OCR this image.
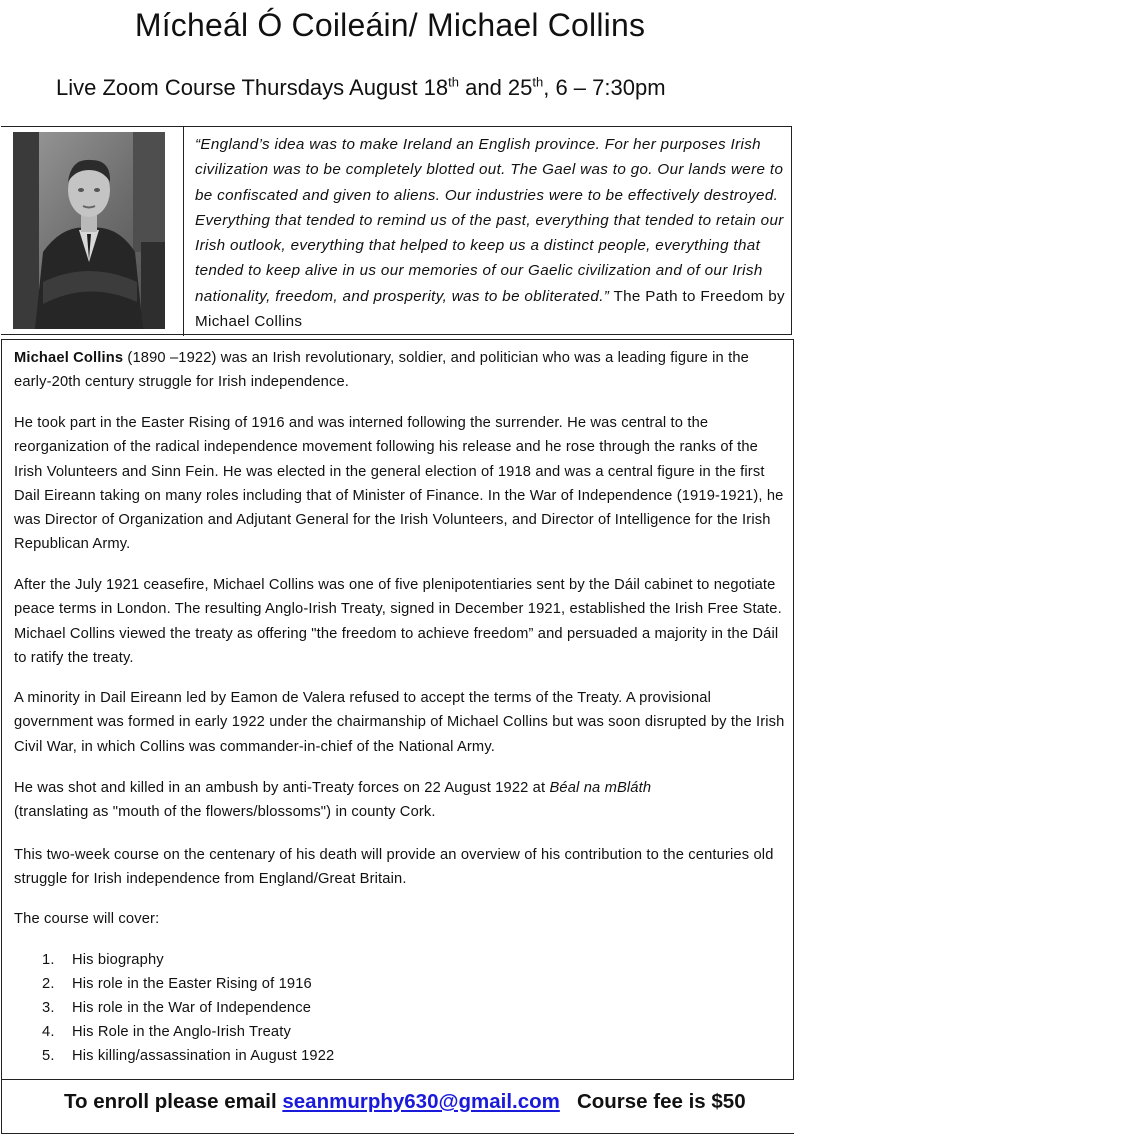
Mícheál Ó Coileáin/ Michael Collins
Live Zoom Course Thursdays August 18th and 25th, 6 – 7:30pm
“England’s idea was to make Ireland an English province. For her purposes Irish civilization was to be completely blotted out. The Gael was to go. Our lands were to be confiscated and given to aliens. Our industries were to be effectively destroyed. Everything that tended to remind us of the past, everything that tended to retain our Irish outlook, everything that helped to keep us a distinct people, everything that tended to keep alive in us our memories of our Gaelic civilization and of our Irish nationality, freedom, and prosperity, was to be obliterated.” The Path to Freedom by Michael Collins
Michael Collins (1890 –1922) was an Irish revolutionary, soldier, and politician who was a leading figure in the early-20th century struggle for Irish independence.
He took part in the Easter Rising of 1916 and was interned following the surrender. He was central to the reorganization of the radical independence movement following his release and he rose through the ranks of the Irish Volunteers and Sinn Fein. He was elected in the general election of 1918 and was a central figure in the first Dail Eireann taking on many roles including that of Minister of Finance. In the War of Independence (1919-1921), he was Director of Organization and Adjutant General for the Irish Volunteers, and Director of Intelligence for the Irish Republican Army.
After the July 1921 ceasefire, Michael Collins was one of five plenipotentiaries sent by the Dáil cabinet to negotiate peace terms in London. The resulting Anglo-Irish Treaty, signed in December 1921, established the Irish Free State. Michael Collins viewed the treaty as offering "the freedom to achieve freedom” and persuaded a majority in the Dáil to ratify the treaty.
A minority in Dail Eireann led by Eamon de Valera refused to accept the terms of the Treaty. A provisional government was formed in early 1922 under the chairmanship of Michael Collins but was soon disrupted by the Irish Civil War, in which Collins was commander-in-chief of the National Army.
He was shot and killed in an ambush by anti-Treaty forces on 22 August 1922 at Béal na mBláth (translating as "mouth of the flowers/blossoms") in county Cork.
This two-week course on the centenary of his death will provide an overview of his contribution to the centuries old struggle for Irish independence from England/Great Britain.
The course will cover:
1. His biography
2. His role in the Easter Rising of 1916
3. His role in the War of Independence
4. His Role in the Anglo-Irish Treaty
5. His killing/assassination in August 1922
To enroll please email seanmurphy630@gmail.com   Course fee is $50
